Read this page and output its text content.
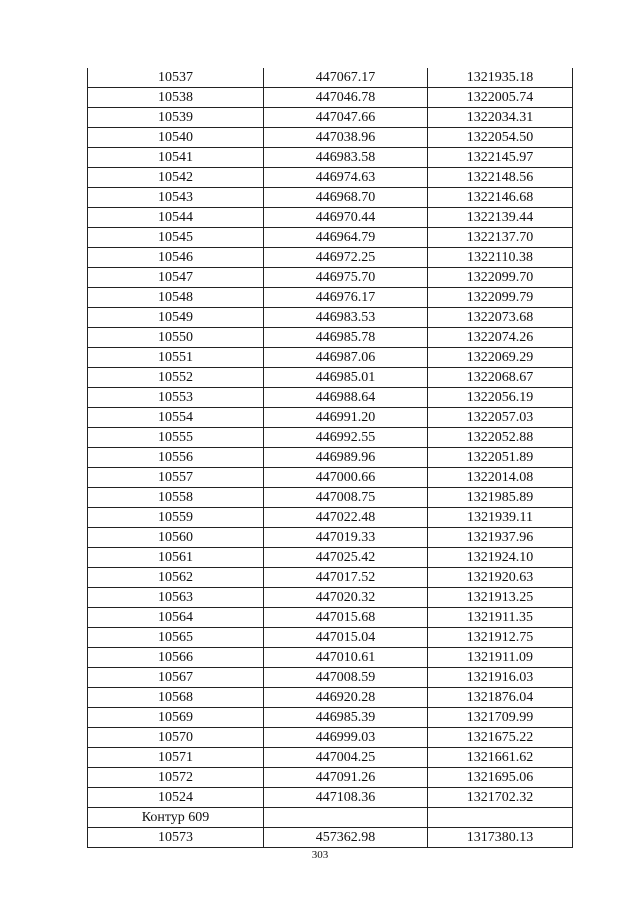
10537	447067.17	1321935.18
10538	447046.78	1322005.74
10539	447047.66	1322034.31
10540	447038.96	1322054.50
10541	446983.58	1322145.97
10542	446974.63	1322148.56
10543	446968.70	1322146.68
10544	446970.44	1322139.44
10545	446964.79	1322137.70
10546	446972.25	1322110.38
10547	446975.70	1322099.70
10548	446976.17	1322099.79
10549	446983.53	1322073.68
10550	446985.78	1322074.26
10551	446987.06	1322069.29
10552	446985.01	1322068.67
10553	446988.64	1322056.19
10554	446991.20	1322057.03
10555	446992.55	1322052.88
10556	446989.96	1322051.89
10557	447000.66	1322014.08
10558	447008.75	1321985.89
10559	447022.48	1321939.11
10560	447019.33	1321937.96
10561	447025.42	1321924.10
10562	447017.52	1321920.63
10563	447020.32	1321913.25
10564	447015.68	1321911.35
10565	447015.04	1321912.75
10566	447010.61	1321911.09
10567	447008.59	1321916.03
10568	446920.28	1321876.04
10569	446985.39	1321709.99
10570	446999.03	1321675.22
10571	447004.25	1321661.62
10572	447091.26	1321695.06
10524	447108.36	1321702.32
Контур 609		
10573	457362.98	1317380.13
303
